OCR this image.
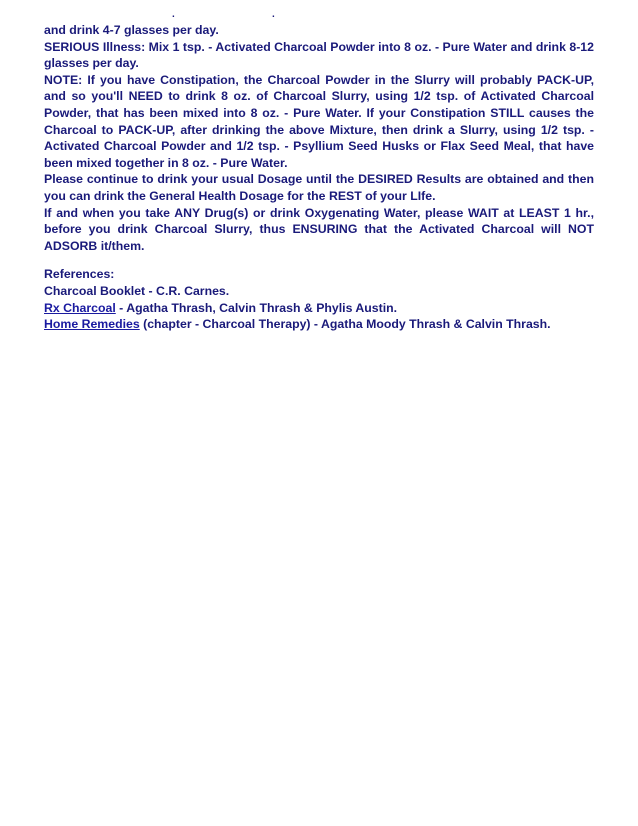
.	.

and drink 4-7 glasses per day.

SERIOUS Illness: Mix 1 tsp. - Activated Charcoal Powder into 8 oz. - Pure Water and drink 8-12 glasses per day.

NOTE: If you have Constipation, the Charcoal Powder in the Slurry will probably PACK-UP, and so you'll NEED to drink 8 oz. of Charcoal Slurry, using 1/2 tsp. of Activated Charcoal Powder, that has been mixed into 8 oz. - Pure Water. If your Constipation STILL causes the Charcoal to PACK-UP, after drinking the above Mixture, then drink a Slurry, using 1/2 tsp. - Activated Charcoal Powder and 1/2 tsp. - Psyllium Seed Husks or Flax Seed Meal, that have been mixed together in 8 oz. - Pure Water.

Please continue to drink your usual Dosage until the DESIRED Results are obtained and then you can drink the General Health Dosage for the REST of your LIfe.

If and when you take ANY Drug(s) or drink Oxygenating Water, please WAIT at LEAST 1 hr., before you drink Charcoal Slurry, thus ENSURING that the Activated Charcoal will NOT ADSORB it/them.

References:

Charcoal Booklet - C.R. Carnes.

Rx Charcoal - Agatha Thrash, Calvin Thrash & Phylis Austin.

Home Remedies (chapter - Charcoal Therapy) - Agatha Moody Thrash & Calvin Thrash.
